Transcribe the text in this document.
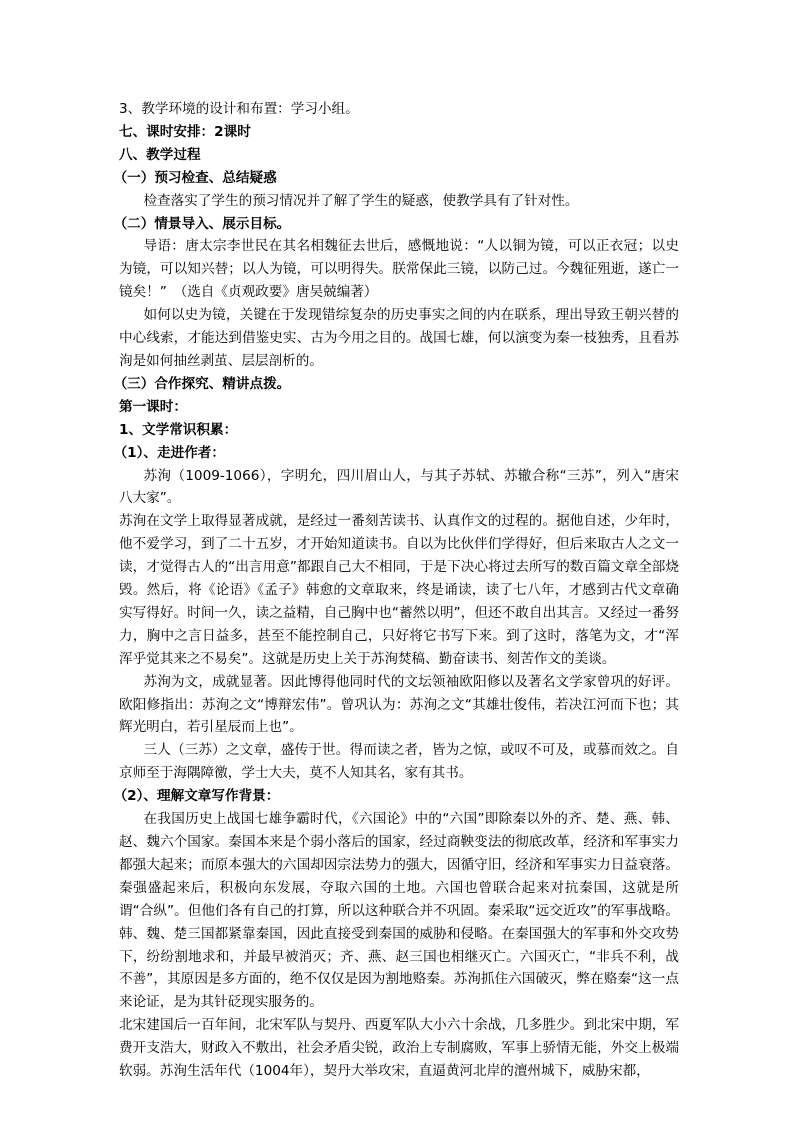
3、教学环境的设计和布置：学习小组。

七、课时安排：2课时

八、教学过程

（一）预习检查、总结疑惑

检查落实了学生的预习情况并了解了学生的疑惑，使教学具有了针对性。

（二）情景导入、展示目标。

导语：唐太宗李世民在其名相魏征去世后，感慨地说：“人以铜为镜，可以正衣冠；以史为镜，可以知兴替；以人为镜，可以明得失。朕常保此三镜，以防己过。今魏征殂逝，遂亡一镜矣！”　（选自《贞观政要》唐吴兢编著）

如何以史为镜，关键在于发现错综复杂的历史事实之间的内在联系，理出导致王朝兴替的中心线索，才能达到借鉴史实、古为今用之目的。战国七雄，何以演变为秦一枝独秀，且看苏洵是如何抽丝剥茧、层层剖析的。

（三）合作探究、精讲点拨。

第一课时：

1、文学常识积累：

（1）、走进作者：

苏洵（1009-1066），字明允，四川眉山人，与其子苏轼、苏辙合称“三苏”，列入“唐宋八大家”。

苏洵在文学上取得显著成就，是经过一番刻苦读书、认真作文的过程的。据他自述，少年时，他不爱学习，到了二十五岁，才开始知道读书。自以为比伙伴们学得好，但后来取古人之文一读，才觉得古人的“出言用意”都跟自己大不相同，于是下决心将过去所写的数百篇文章全部烧毁。然后，将《论语》《孟子》韩愈的文章取来，终是诵读，读了七八年，才感到古代文章确实写得好。时间一久，读之益精，自己胸中也“蓄然以明”，但还不敢自出其言。又经过一番努力，胸中之言日益多，甚至不能控制自己，只好将它书写下来。到了这时，落笔为文，才“浑浑乎觉其来之不易矣”。这就是历史上关于苏洵焚稿、勤奋读书、刻苦作文的美谈。

苏洵为文，成就显著。因此博得他同时代的文坛领袖欧阳修以及著名文学家曾巩的好评。欧阳修指出：苏洵之文“博辩宏伟”。曾巩认为：苏洵之文“其雄壮俊伟，若决江河而下也；其辉光明白，若引星辰而上也”。

三人（三苏）之文章，盛传于世。得而读之者，皆为之惊，或叹不可及，或慕而效之。自京师至于海隅障徼，学士大夫，莫不人知其名，家有其书。

（2）、理解文章写作背景：

在我国历史上战国七雄争霸时代，《六国论》中的“六国”即除秦以外的齐、楚、燕、韩、赵、魏六个国家。秦国本来是个弱小落后的国家，经过商鞅变法的彻底改革，经济和军事实力都强大起来；而原本强大的六国却因宗法势力的强大，因循守旧，经济和军事实力日益衰落。秦强盛起来后，积极向东发展，夺取六国的土地。六国也曾联合起来对抗秦国，这就是所谓“合纵”。但他们各有自己的打算，所以这种联合并不巩固。秦采取“远交近攻”的军事战略。韩、魏、楚三国都紧靠秦国，因此直接受到秦国的威胁和侵略。在秦国强大的军事和外交攻势下，纷纷割地求和，并最早被消灭；齐、燕、赵三国也相继灭亡。六国灭亡，“非兵不利，战不善”，其原因是多方面的，绝不仅仅是因为割地赂秦。苏洵抓住六国破灭，弊在赂秦“这一点来论证，是为其针砭现实服务的。

北宋建国后一百年间，北宋军队与契丹、西夏军队大小六十余战，几多胜少。到北宋中期，军费开支浩大，财政入不敷出，社会矛盾尖锐，政治上专制腐败，军事上骄情无能，外交上极端软弱。苏洵生活年代（1004年），契丹大举攻宋，直逼黄河北岸的澶州城下，威胁宋都，
